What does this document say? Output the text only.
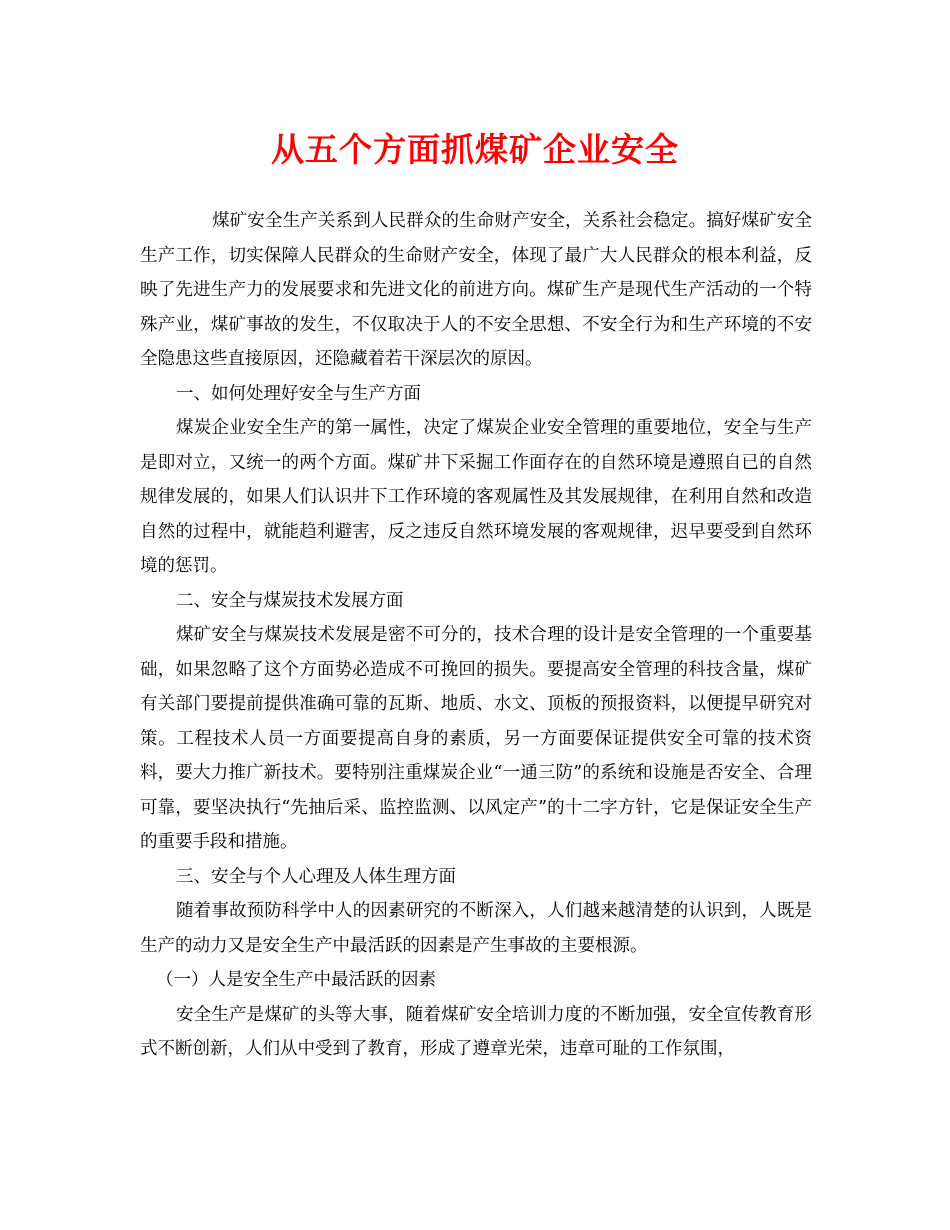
从五个方面抓煤矿企业安全

煤矿安全生产关系到人民群众的生命财产安全，关系社会稳定。搞好煤矿安全生产工作，切实保障人民群众的生命财产安全，体现了最广大人民群众的根本利益，反映了先进生产力的发展要求和先进文化的前进方向。煤矿生产是现代生产活动的一个特殊产业，煤矿事故的发生，不仅取决于人的不安全思想、不安全行为和生产环境的不安全隐患这些直接原因，还隐藏着若干深层次的原因。

一、如何处理好安全与生产方面

煤炭企业安全生产的第一属性，决定了煤炭企业安全管理的重要地位，安全与生产是即对立，又统一的两个方面。煤矿井下采掘工作面存在的自然环境是遵照自已的自然规律发展的，如果人们认识井下工作环境的客观属性及其发展规律，在利用自然和改造自然的过程中，就能趋利避害，反之违反自然环境发展的客观规律，迟早要受到自然环境的惩罚。

二、安全与煤炭技术发展方面

煤矿安全与煤炭技术发展是密不可分的，技术合理的设计是安全管理的一个重要基础，如果忽略了这个方面势必造成不可挽回的损失。要提高安全管理的科技含量，煤矿有关部门要提前提供准确可靠的瓦斯、地质、水文、顶板的预报资料，以便提早研究对策。工程技术人员一方面要提高自身的素质，另一方面要保证提供安全可靠的技术资料，要大力推广新技术。要特别注重煤炭企业“一通三防”的系统和设施是否安全、合理可靠，要坚决执行“先抽后采、监控监测、以风定产”的十二字方针，它是保证安全生产的重要手段和措施。

三、安全与个人心理及人体生理方面

随着事故预防科学中人的因素研究的不断深入，人们越来越清楚的认识到，人既是生产的动力又是安全生产中最活跃的因素是产生事故的主要根源。

（一）人是安全生产中最活跃的因素

安全生产是煤矿的头等大事，随着煤矿安全培训力度的不断加强，安全宣传教育形式不断创新，人们从中受到了教育，形成了遵章光荣，违章可耻的工作氛围，
